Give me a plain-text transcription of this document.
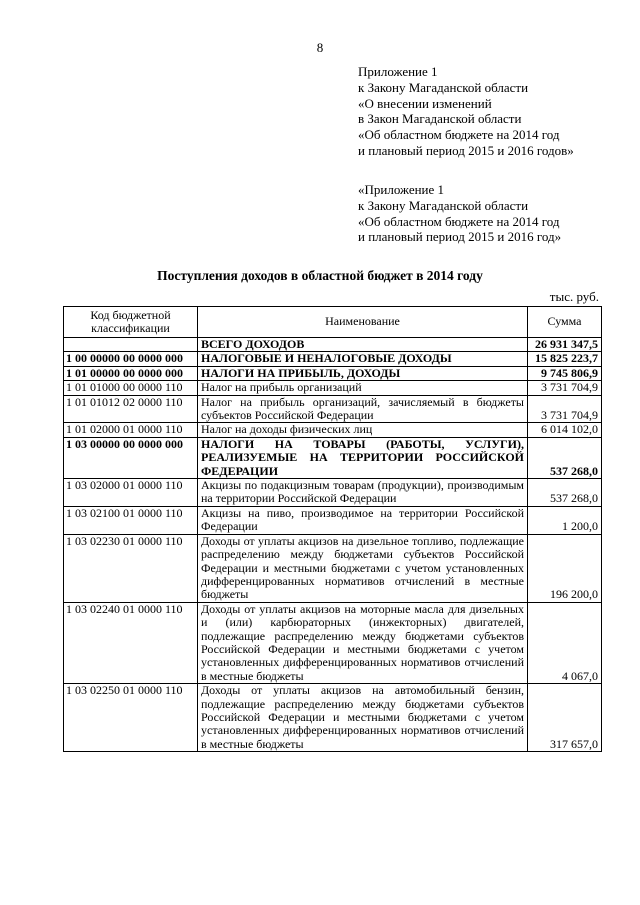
8
Приложение 1
к Закону Магаданской области
«О внесении изменений
в Закон Магаданской области
«Об областном бюджете на 2014 год
и плановый период 2015 и 2016 годов»
«Приложение 1
к Закону Магаданской области
«Об областном бюджете на 2014 год
и плановый период 2015 и 2016 год»
Поступления доходов в областной бюджет в 2014 году
тыс. руб.
Код бюджетной классификации	Наименование	Сумма
	ВСЕГО ДОХОДОВ	26 931 347,5
1 00 00000 00 0000 000	НАЛОГОВЫЕ И НЕНАЛОГОВЫЕ ДОХОДЫ	15 825 223,7
1 01 00000 00 0000 000	НАЛОГИ НА ПРИБЫЛЬ, ДОХОДЫ	9 745 806,9
1 01 01000 00 0000 110	Налог на прибыль организаций	3 731 704,9
1 01 01012 02 0000 110	Налог на прибыль организаций, зачисляемый в бюджеты субъектов Российской Федерации	3 731 704,9
1 01 02000 01 0000 110	Налог на доходы физических лиц	6 014 102,0
1 03 00000 00 0000 000	НАЛОГИ НА ТОВАРЫ (РАБОТЫ, УСЛУГИ), РЕАЛИЗУЕМЫЕ НА ТЕРРИТОРИИ РОССИЙСКОЙ ФЕДЕРАЦИИ	537 268,0
1 03 02000 01 0000 110	Акцизы по подакцизным товарам (продукции), производимым на территории Российской Федерации	537 268,0
1 03 02100 01 0000 110	Акцизы на пиво, производимое на территории Российской Федерации	1 200,0
1 03 02230 01 0000 110	Доходы от уплаты акцизов на дизельное топливо, подлежащие распределению между бюджетами субъектов Российской Федерации и местными бюджетами с учетом установленных дифференцированных нормативов отчислений в местные бюджеты	196 200,0
1 03 02240 01 0000 110	Доходы от уплаты акцизов на моторные масла для дизельных и (или) карбюраторных (инжекторных) двигателей, подлежащие распределению между бюджетами субъектов Российской Федерации и местными бюджетами с учетом установленных дифференцированных нормативов отчислений в местные бюджеты	4 067,0
1 03 02250 01 0000 110	Доходы от уплаты акцизов на автомобильный бензин, подлежащие распределению между бюджетами субъектов Российской Федерации и местными бюджетами с учетом установленных дифференцированных нормативов отчислений в местные бюджеты	317 657,0
